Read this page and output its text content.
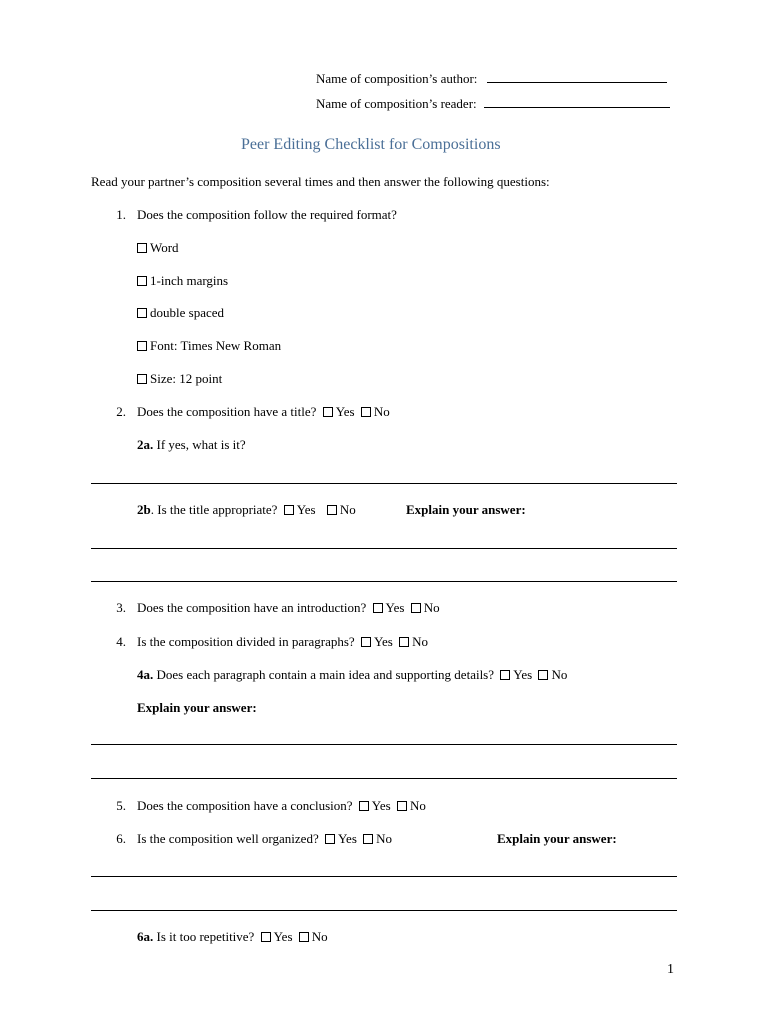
Name of composition’s author:
Name of composition’s reader:
Peer Editing Checklist for Compositions
Read your partner’s composition several times and then answer the following questions:
1. Does the composition follow the required format?
Word
1-inch margins
double spaced
Font: Times New Roman
Size: 12 point
2. Does the composition have a title? Yes No
2a. If yes, what is it?
2b. Is the title appropriate? Yes No	Explain your answer:
3. Does the composition have an introduction? Yes No
4. Is the composition divided in paragraphs? Yes No
4a. Does each paragraph contain a main idea and supporting details? Yes No
Explain your answer:
5. Does the composition have a conclusion? Yes No
6. Is the composition well organized? Yes No	Explain your answer:
6a. Is it too repetitive? Yes No
1
